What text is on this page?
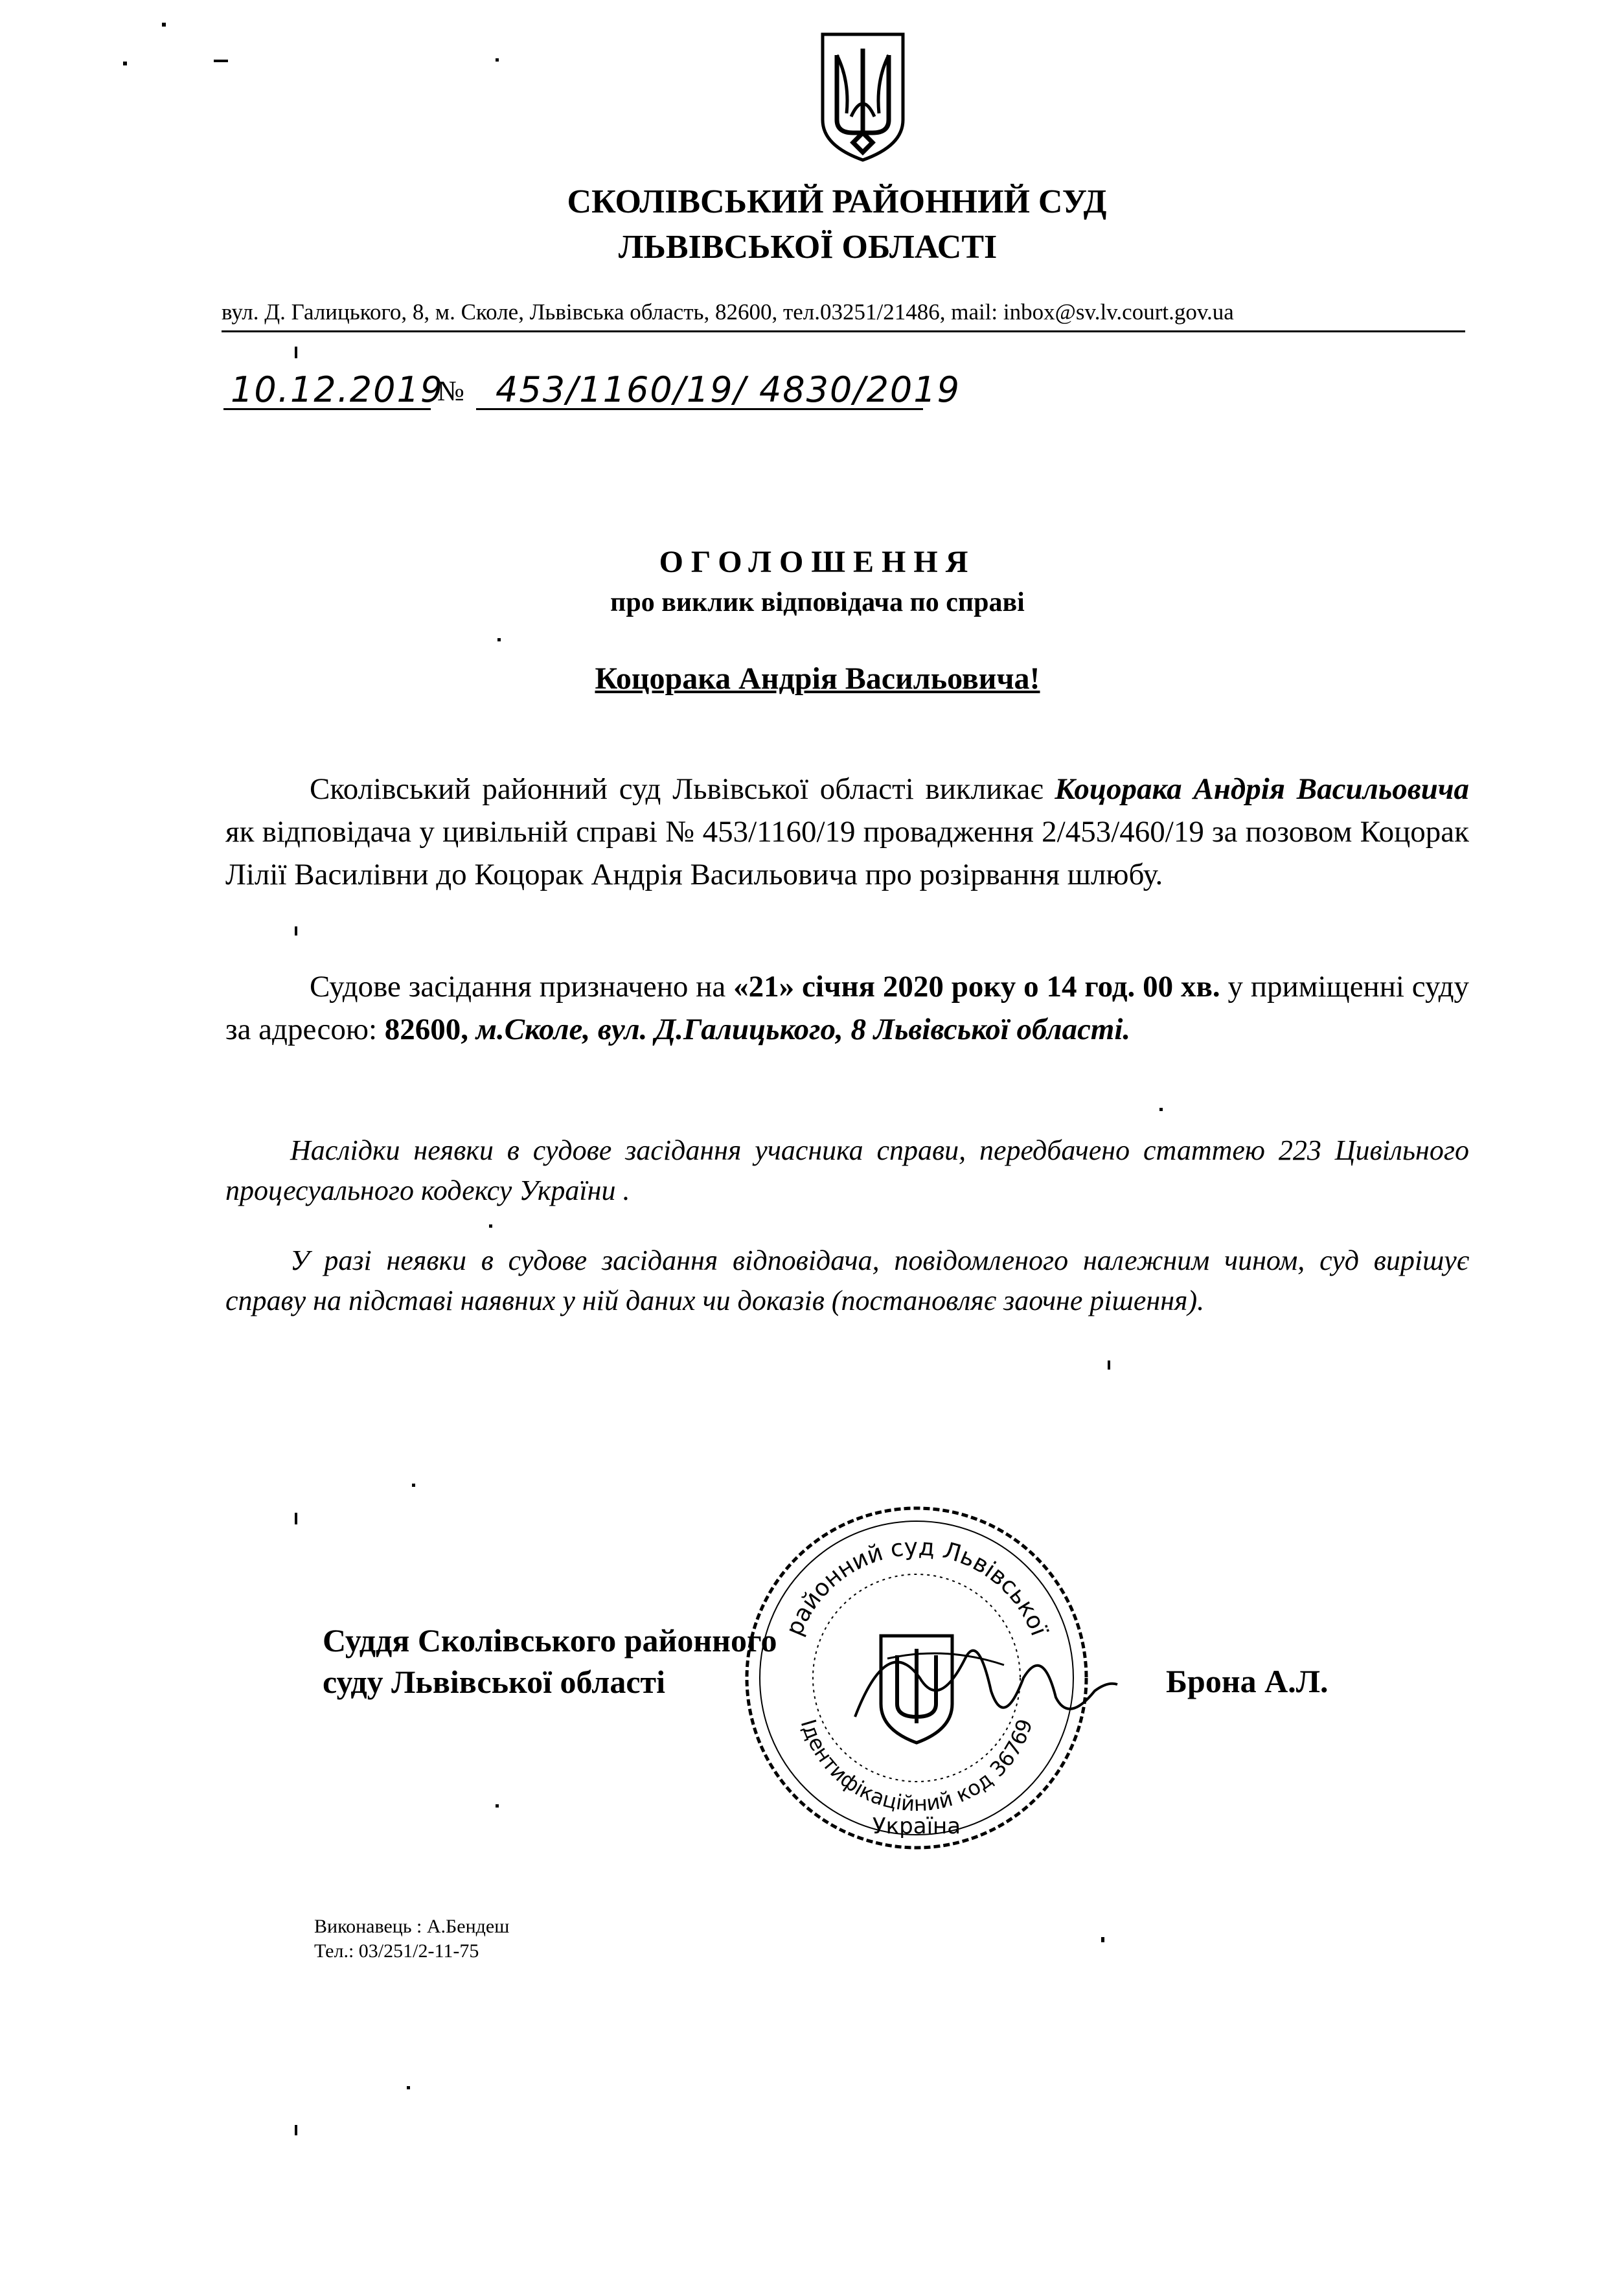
СКОЛІВСЬКИЙ РАЙОННИЙ СУД
ЛЬВІВСЬКОЇ ОБЛАСТІ
вул. Д. Галицького, 8, м. Сколе, Львівська область, 82600, тел.03251/21486, mail: inbox@sv.lv.court.gov.ua
10.12.2019
№ 453/1160/19/ 4830/2019
ОГОЛОШЕННЯ
про виклик відповідача по справі
Коцорака Андрія Васильовича!
Сколівський районний суд Львівської області викликає Коцорака Андрія Васильовича як відповідача у цивільній справі № 453/1160/19 провадження 2/453/460/19 за позовом Коцорак Лілії Василівни до Коцорак Андрія Васильовича про розірвання шлюбу.
Судове засідання призначено на «21» січня 2020 року о 14 год. 00 хв. у приміщенні суду за адресою: 82600, м.Сколе, вул. Д.Галицького, 8 Львівської області.
Наслідки неявки в судове засідання учасника справи, передбачено статтею 223 Цивільного процесуального кодексу України .
У разі неявки в судове засідання відповідача, повідомленого належним чином, суд вирішує справу на підставі наявних у ній даних чи доказів (постановляє заочне рішення).
районний суд Львівської
Ідентифікаційний код 36769
Україна
Суддя Сколівського районного
суду Львівської області	Брона А.Л.
Виконавець : А.Бендеш
Тел.: 03/251/2-11-75
